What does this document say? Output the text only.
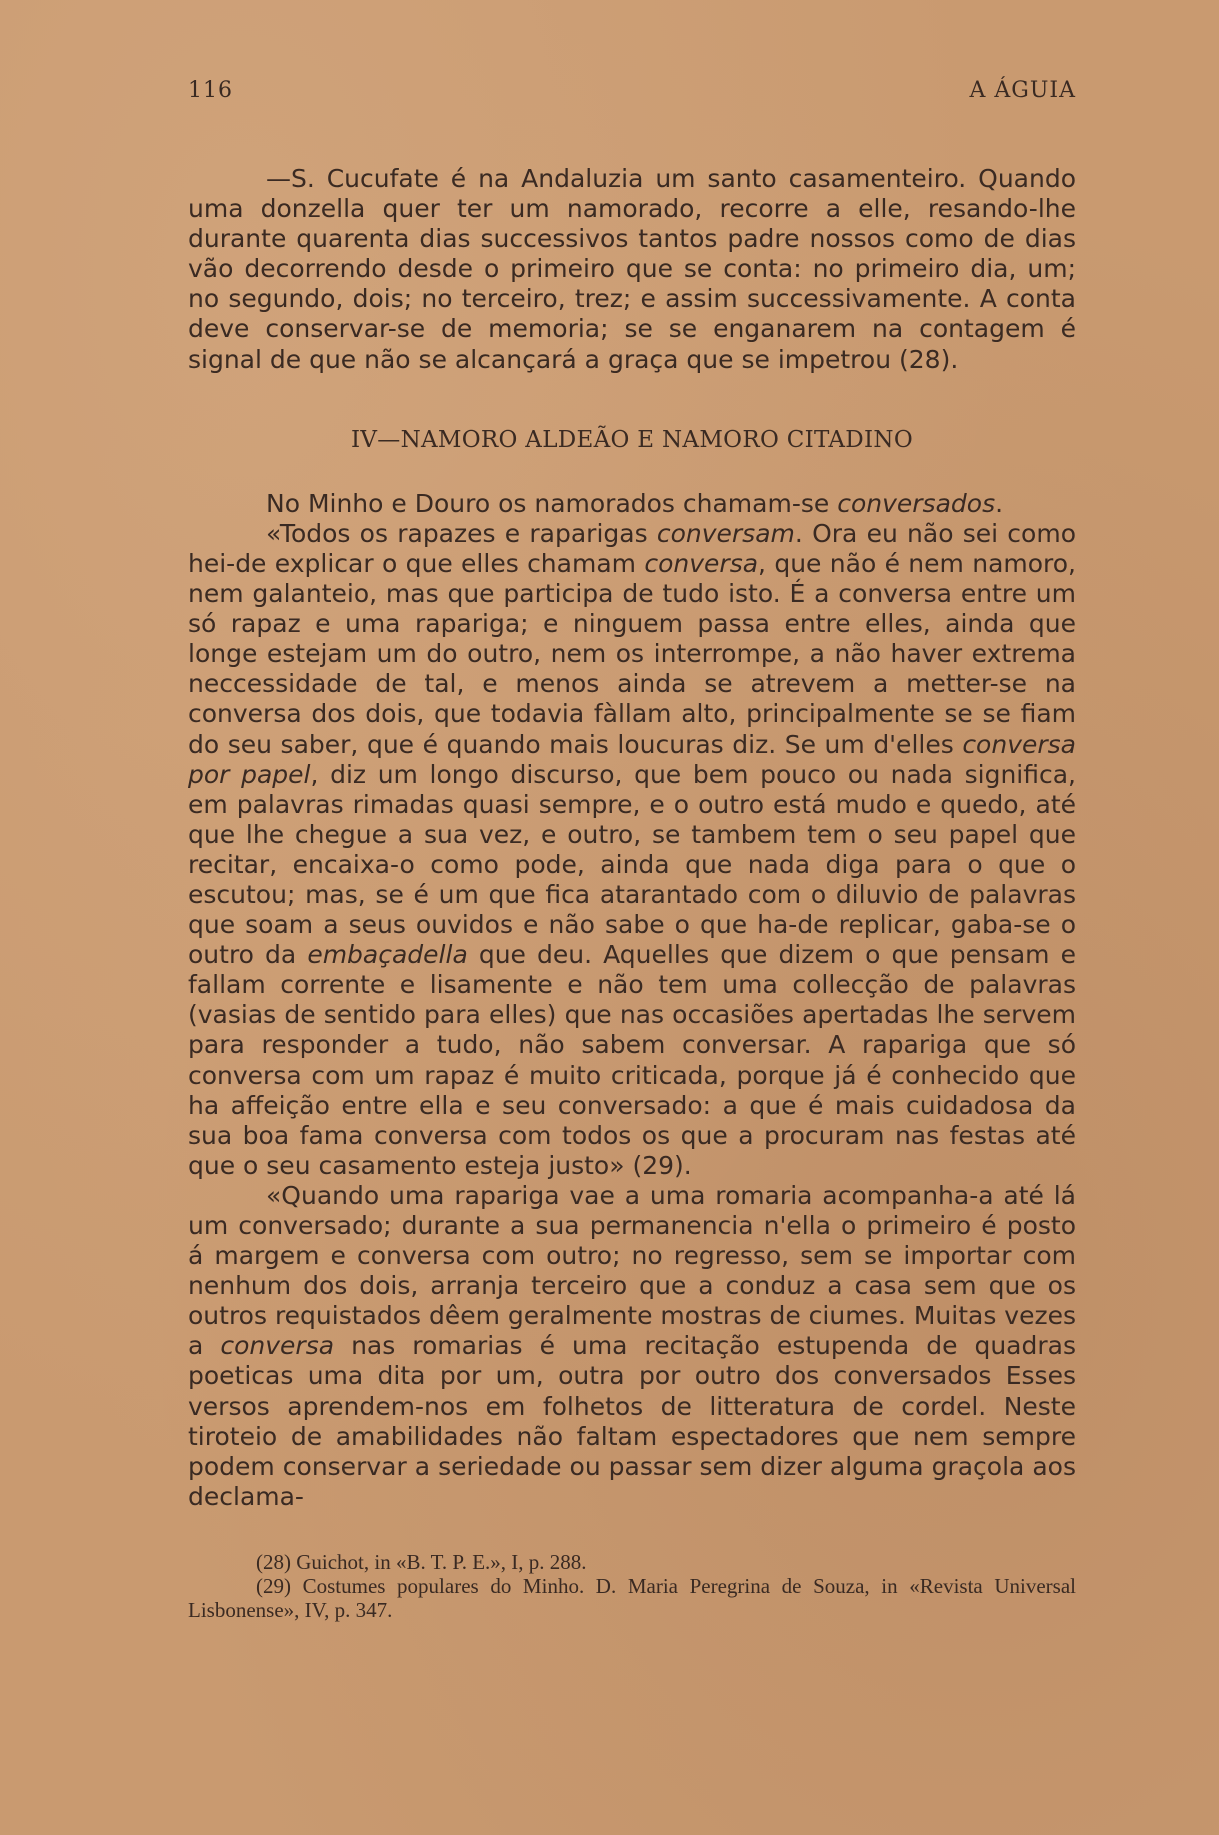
116	A ÁGUIA

—S. Cucufate é na Andaluzia um santo casamenteiro. Quando uma donzella quer ter um namorado, recorre a elle, resando-lhe durante quarenta dias successivos tantos padre nossos como de dias vão decorrendo desde o primeiro que se conta: no primeiro dia, um; no segundo, dois; no terceiro, trez; e assim successivamente. A conta deve conservar-se de memoria; se se enganarem na contagem é signal de que não se alcançará a graça que se impetrou (28).

IV—NAMORO ALDEÃO E NAMORO CITADINO

No Minho e Douro os namorados chamam-se conversados.

«Todos os rapazes e raparigas conversam. Ora eu não sei como hei-de explicar o que elles chamam conversa, que não é nem namoro, nem galanteio, mas que participa de tudo isto. É a conversa entre um só rapaz e uma rapariga; e ninguem passa entre elles, ainda que longe estejam um do outro, nem os interrompe, a não haver extrema neccessidade de tal, e menos ainda se atrevem a metter-se na conversa dos dois, que todavia fàllam alto, principalmente se se fiam do seu saber, que é quando mais loucuras diz. Se um d'elles conversa por papel, diz um longo discurso, que bem pouco ou nada significa, em palavras rimadas quasi sempre, e o outro está mudo e quedo, até que lhe chegue a sua vez, e outro, se tambem tem o seu papel que recitar, encaixa-o como pode, ainda que nada diga para o que o escutou; mas, se é um que fica atarantado com o diluvio de palavras que soam a seus ouvidos e não sabe o que ha-de replicar, gaba-se o outro da embaçadella que deu. Aquelles que dizem o que pensam e fallam corrente e lisamente e não tem uma collecção de palavras (vasias de sentido para elles) que nas occasiões apertadas lhe servem para responder a tudo, não sabem conversar. A rapariga que só conversa com um rapaz é muito criticada, porque já é conhecido que ha affeição entre ella e seu conversado: a que é mais cuidadosa da sua boa fama conversa com todos os que a procuram nas festas até que o seu casamento esteja justo» (29).

«Quando uma rapariga vae a uma romaria acompanha-a até lá um conversado; durante a sua permanencia n'ella o primeiro é posto á margem e conversa com outro; no regresso, sem se importar com nenhum dos dois, arranja terceiro que a conduz a casa sem que os outros requistados dêem geralmente mostras de ciumes. Muitas vezes a conversa nas romarias é uma recitação estupenda de quadras poeticas uma dita por um, outra por outro dos conversados Esses versos aprendem-nos em folhetos de litteratura de cordel. Neste tiroteio de amabilidades não faltam espectadores que nem sempre podem conservar a seriedade ou passar sem dizer alguma graçola aos declama-

(28) Guichot, in «B. T. P. E.», I, p. 288.

(29) Costumes populares do Minho. D. Maria Peregrina de Souza, in «Revista Universal Lisbonense», IV, p. 347.
